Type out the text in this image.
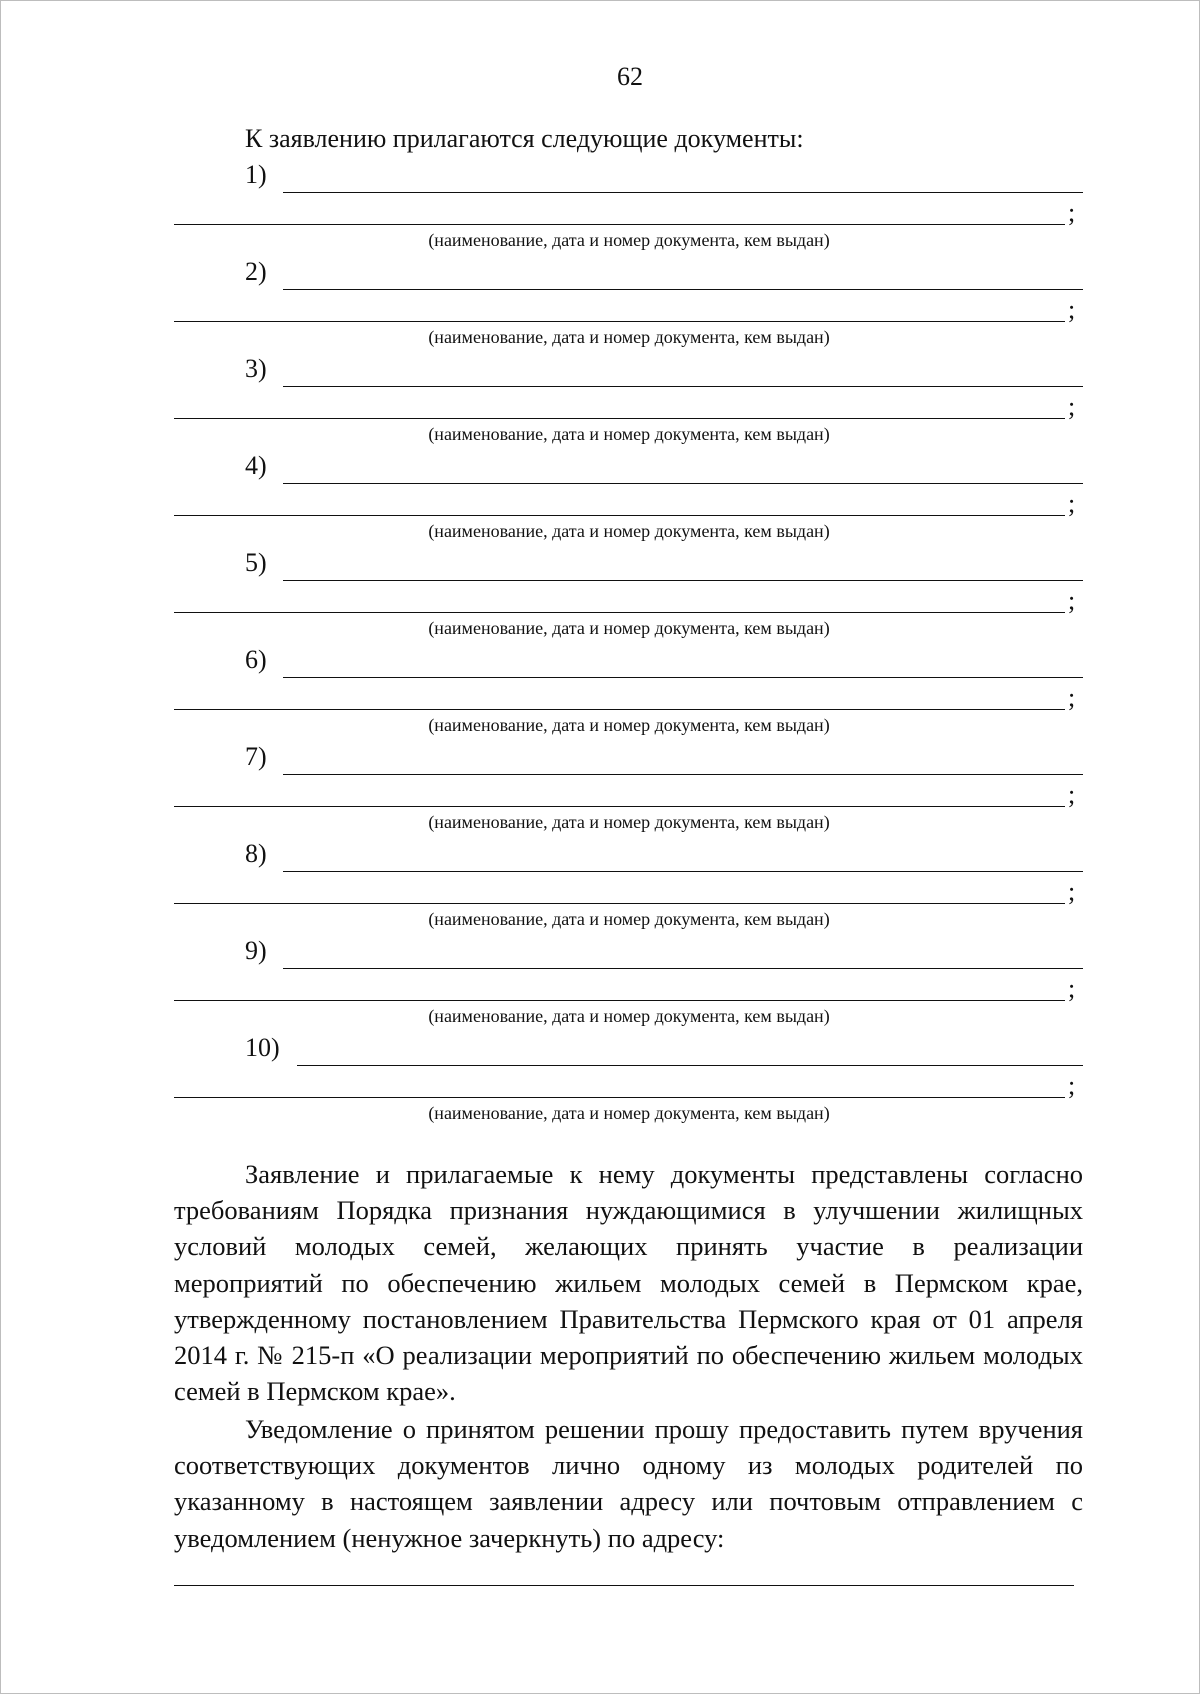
62
К заявлению прилагаются следующие документы:
1)
;
(наименование, дата и номер документа, кем выдан)
2)
;
(наименование, дата и номер документа, кем выдан)
3)
;
(наименование, дата и номер документа, кем выдан)
4)
;
(наименование, дата и номер документа, кем выдан)
5)
;
(наименование, дата и номер документа, кем выдан)
6)
;
(наименование, дата и номер документа, кем выдан)
7)
;
(наименование, дата и номер документа, кем выдан)
8)
;
(наименование, дата и номер документа, кем выдан)
9)
;
(наименование, дата и номер документа, кем выдан)
10)
;
(наименование, дата и номер документа, кем выдан)

Заявление и прилагаемые к нему документы представлены согласно требованиям Порядка признания нуждающимися в улучшении жилищных условий молодых семей, желающих принять участие в реализации мероприятий по обеспечению жильем молодых семей в Пермском крае, утвержденному постановлением Правительства Пермского края от 01 апреля 2014 г. № 215-п «О реализации мероприятий по обеспечению жильем молодых семей в Пермском крае».

Уведомление о принятом решении прошу предоставить путем вручения соответствующих документов лично одному из молодых родителей по указанному в настоящем заявлении адресу или почтовым отправлением с уведомлением (ненужное зачеркнуть) по адресу:
